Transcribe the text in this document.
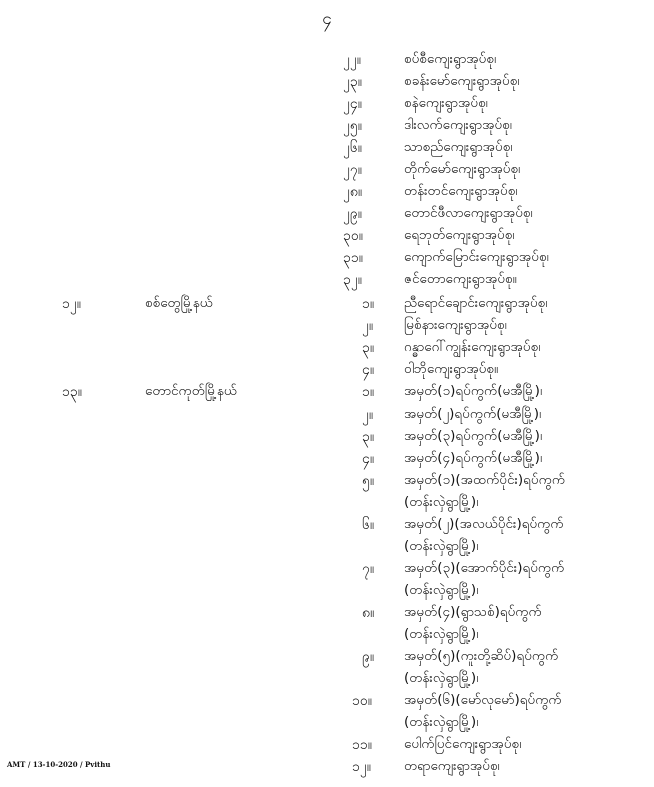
၄
၂၂။	စပ်စီကျေးရွာအုပ်စု၊
၂၃။	စခန်းမော်ကျေးရွာအုပ်စု၊
၂၄။	စနဲကျေးရွာအုပ်စု၊
၂၅။	ဒါးလက်ကျေးရွာအုပ်စု၊
၂၆။	သာစည်ကျေးရွာအုပ်စု၊
၂၇။	တိုက်မော်ကျေးရွာအုပ်စု၊
၂၈။	တန်းတင်ကျေးရွာအုပ်စု၊
၂၉။	တောင်ဖီလာကျေးရွာအုပ်စု၊
၃၀။	ရေဘုတ်ကျေးရွာအုပ်စု၊
၃၁။	ကျောက်မြောင်းကျေးရွာအုပ်စု၊
၃၂။	ဇင်တောကျေးရွာအုပ်စု။
၁၂။	စစ်တွေမြို့နယ်	၁။ ညီရောင်ချောင်းကျေးရွာအုပ်စု၊
၂။ မြစ်နားကျေးရွာအုပ်စု၊
၃။ ဂန္ဓာဂေါ်ကျွန်းကျေးရွာအုပ်စု၊
၄။ ဝါဘိုကျေးရွာအုပ်စု။
၁၃။	တောင်ကုတ်မြို့နယ်	၁။ အမှတ်(၁)ရပ်ကွက်(မအီမြို့)၊
၂။ အမှတ်(၂)ရပ်ကွက်(မအီမြို့)၊
၃။ အမှတ်(၃)ရပ်ကွက်(မအီမြို့)၊
၄။ အမှတ်(၄)ရပ်ကွက်(မအီမြို့)၊
၅။ အမှတ်(၁)(အထက်ပိုင်း)ရပ်ကွက်
(တန်းလှဲရွာမြို့)၊
၆။ အမှတ်(၂)(အလယ်ပိုင်း)ရပ်ကွက်
(တန်းလှဲရွာမြို့)၊
၇။ အမှတ်(၃)(အောက်ပိုင်း)ရပ်ကွက်
(တန်းလှဲရွာမြို့)၊
၈။ အမှတ်(၄)(ရွာသစ်)ရပ်ကွက်
(တန်းလှဲရွာမြို့)၊
၉။ အမှတ်(၅)(ကူးတို့ဆိပ်)ရပ်ကွက်
(တန်းလှဲရွာမြို့)၊
၁၀။ အမှတ်(၆)(မော်လုမော်)ရပ်ကွက်
(တန်းလှဲရွာမြို့)၊
၁၁။ ပေါက်ပြင်ကျေးရွာအုပ်စု၊
၁၂။ တရာကျေးရွာအုပ်စု၊
AMT / 13-10-2020 / Pvithu
